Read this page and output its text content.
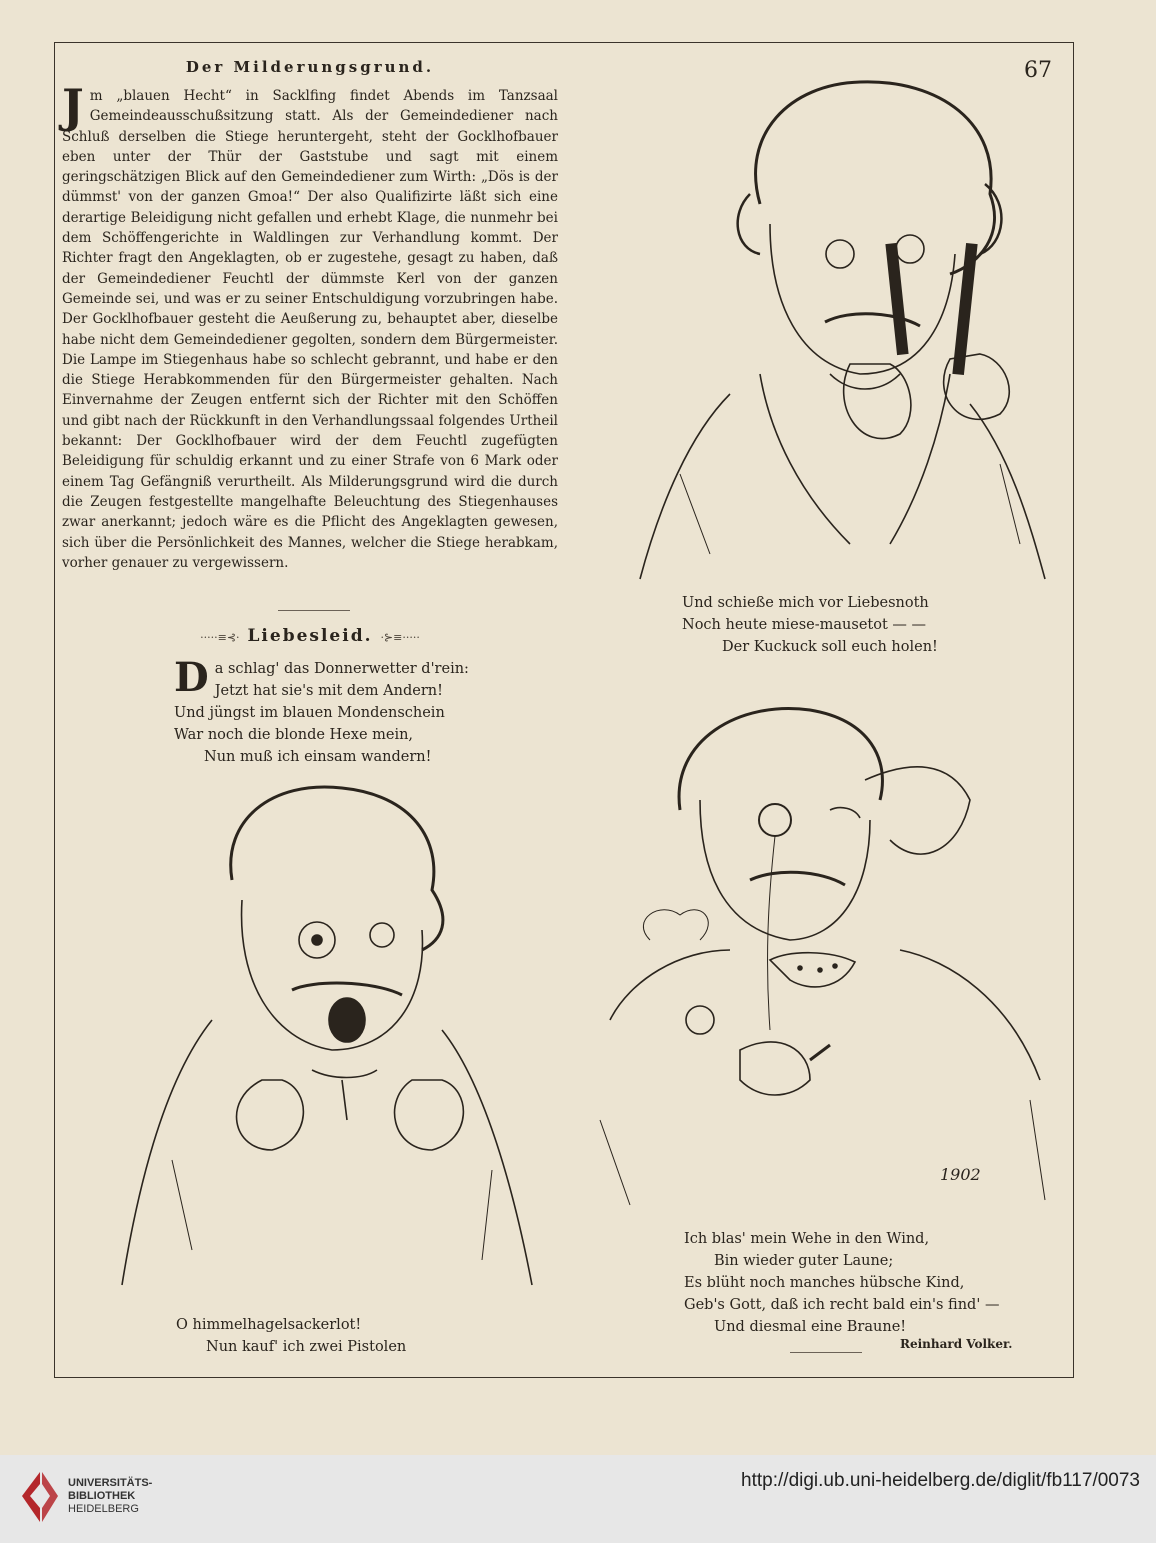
Der Milderungsgrund.	67
J m „blauen Hecht“ in Sacklfing findet Abends im Tanzsaal Gemeindeausschußsitzung statt. Als der Gemeindediener nach Schluß derselben die Stiege heruntergeht, steht der Gocklhofbauer eben unter der Thür der Gaststube und sagt mit einem geringschätzigen Blick auf den Gemeindediener zum Wirth: „Dös is der dümmst' von der ganzen Gmoa!“ Der also Qualifizirte läßt sich eine derartige Beleidigung nicht gefallen und erhebt Klage, die nunmehr bei dem Schöffengerichte in Waldlingen zur Verhandlung kommt. Der Richter fragt den Angeklagten, ob er zugestehe, gesagt zu haben, daß der Gemeindediener Feuchtl der dümmste Kerl von der ganzen Gemeinde sei, und was er zu seiner Entschuldigung vorzubringen habe. Der Gocklhofbauer gesteht die Aeußerung zu, behauptet aber, dieselbe habe nicht dem Gemeindediener gegolten, sondern dem Bürgermeister. Die Lampe im Stiegenhaus habe so schlecht gebrannt, und habe er den die Stiege Herabkommenden für den Bürgermeister gehalten. Nach Einvernahme der Zeugen entfernt sich der Richter mit den Schöffen und gibt nach der Rückkunft in den Verhandlungssaal folgendes Urtheil bekannt: Der Gocklhofbauer wird der dem Feuchtl zugefügten Beleidigung für schuldig erkannt und zu einer Strafe von 6 Mark oder einem Tag Gefängniß verurtheilt. Als Milderungsgrund wird die durch die Zeugen festgestellte mangelhafte Beleuchtung des Stiegenhauses zwar anerkannt; jedoch wäre es die Pflicht des Angeklagten gewesen, sich über die Persönlichkeit des Mannes, welcher die Stiege herabkam, vorher genauer zu vergewissern.
·····≡⊰· Liebesleid. ·⊱≡·····
D a schlag' das Donnerwetter d'rein:
Jetzt hat sie's mit dem Andern!
Und jüngst im blauen Mondenschein
War noch die blonde Hexe mein,
Nun muß ich einsam wandern!
Und schieße mich vor Liebesnoth
Noch heute miese-mausetot — —
Der Kuckuck soll euch holen!
O himmelhagelsackerlot!
Nun kauf' ich zwei Pistolen
Ich blas' mein Wehe in den Wind,
Bin wieder guter Laune;
Es blüht noch manches hübsche Kind,
Geb's Gott, daß ich recht bald ein's find' —
Und diesmal eine Braune!
Reinhard Volker.
1902
UNIVERSITÄTS-
BIBLIOTHEK
HEIDELBERG
http://digi.ub.uni-heidelberg.de/diglit/fb117/0073
